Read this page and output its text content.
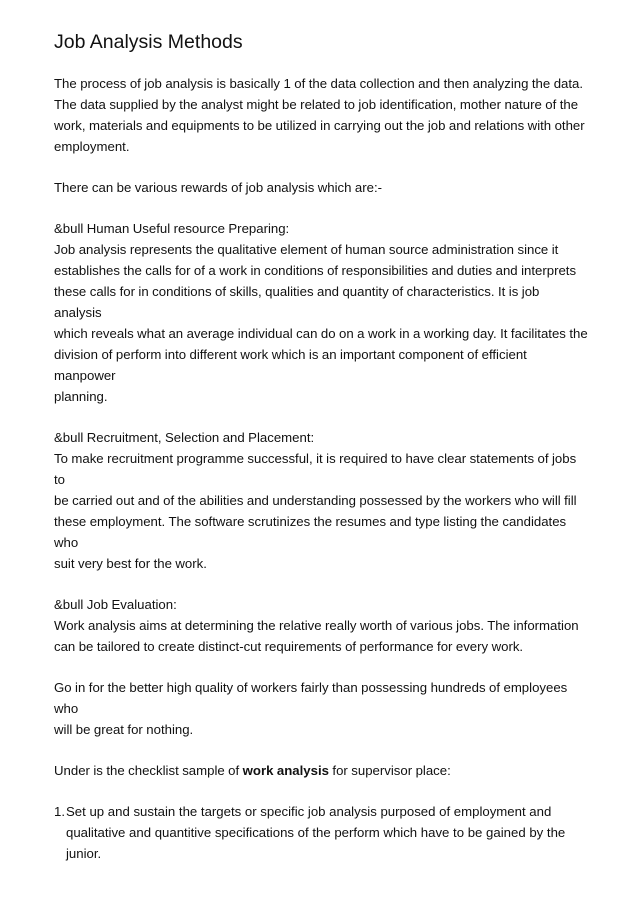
Job Analysis Methods

The process of job analysis is basically 1 of the data collection and then analyzing the data.
The data supplied by the analyst might be related to job identification, mother nature of the
work, materials and equipments to be utilized in carrying out the job and relations with other
employment.

There can be various rewards of job analysis which are:-

&bull Human Useful resource Preparing:
Job analysis represents the qualitative element of human source administration since it
establishes the calls for of a work in conditions of responsibilities and duties and interprets
these calls for in conditions of skills, qualities and quantity of characteristics. It is job analysis
which reveals what an average individual can do on a work in a working day. It facilitates the
division of perform into different work which is an important component of efficient manpower
planning.

&bull Recruitment, Selection and Placement:
To make recruitment programme successful, it is required to have clear statements of jobs to
be carried out and of the abilities and understanding possessed by the workers who will fill
these employment. The software scrutinizes the resumes and type listing the candidates who
suit very best for the work.

&bull Job Evaluation:
Work analysis aims at determining the relative really worth of various jobs. The information
can be tailored to create distinct-cut requirements of performance for every work.

Go in for the better high quality of workers fairly than possessing hundreds of employees who
will be great for nothing.

Under is the checklist sample of work analysis for supervisor place:

1. Set up and sustain the targets or specific job analysis purposed of employment and
qualitative and quantitive specifications of the perform which have to be gained by the
junior.
